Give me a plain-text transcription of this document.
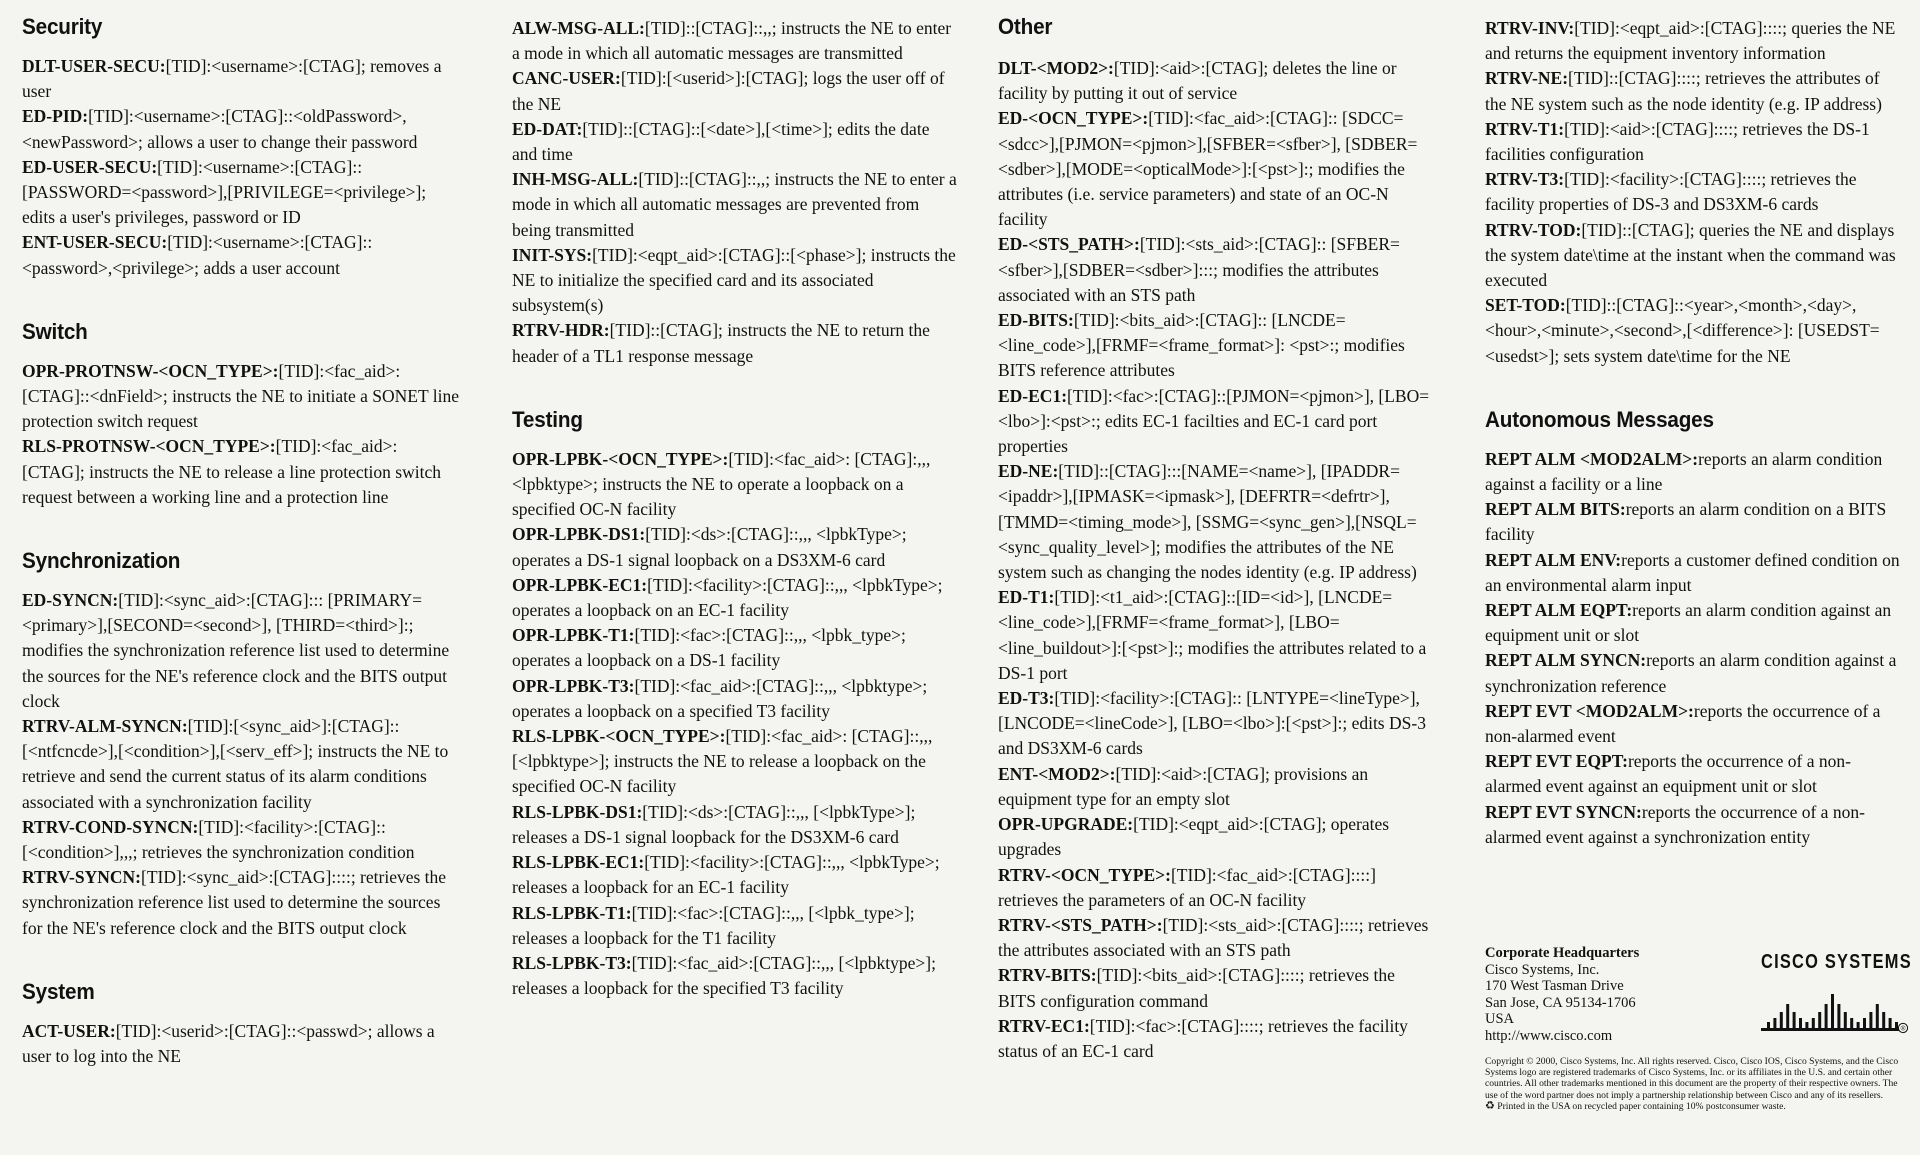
Security
DLT-USER-SECU:[TID]:<username>:[CTAG]; removes a user
ED-PID:[TID]:<username>:[CTAG]::<oldPassword>, <newPassword>; allows a user to change their password
ED-USER-SECU:[TID]:<username>:[CTAG]:: [PASSWORD=<password>],[PRIVILEGE=<privilege>]; edits a user's privileges, password or ID
ENT-USER-SECU:[TID]:<username>:[CTAG]:: <password>,<privilege>; adds a user account
Switch
OPR-PROTNSW-<OCN_TYPE>:[TID]:<fac_aid>: [CTAG]::<dnField>; instructs the NE to initiate a SONET line protection switch request
RLS-PROTNSW-<OCN_TYPE>:[TID]:<fac_aid>: [CTAG]; instructs the NE to release a line protection switch request between a working line and a protection line
Synchronization
ED-SYNCN:[TID]:<sync_aid>:[CTAG]::: [PRIMARY=<primary>],[SECOND=<second>], [THIRD=<third>]:; modifies the synchronization reference list used to determine the sources for the NE's reference clock and the BITS output clock
RTRV-ALM-SYNCN:[TID]:[<sync_aid>]:[CTAG]:: [<ntfcncde>],[<condition>],[<serv_eff>]; instructs the NE to retrieve and send the current status of its alarm conditions associated with a synchronization facility
RTRV-COND-SYNCN:[TID]:<facility>:[CTAG]:: [<condition>],,,; retrieves the synchronization condition
RTRV-SYNCN:[TID]:<sync_aid>:[CTAG]::::; retrieves the synchronization reference list used to determine the sources for the NE's reference clock and the BITS output clock
System
ACT-USER:[TID]:<userid>:[CTAG]::<passwd>; allows a user to log into the NE
ALW-MSG-ALL:[TID]::[CTAG]::,,; instructs the NE to enter a mode in which all automatic messages are transmitted
CANC-USER:[TID]:[<userid>]:[CTAG]; logs the user off of the NE
ED-DAT:[TID]::[CTAG]::[<date>],[<time>]; edits the date and time
INH-MSG-ALL:[TID]::[CTAG]::,,; instructs the NE to enter a mode in which all automatic messages are prevented from being transmitted
INIT-SYS:[TID]:<eqpt_aid>:[CTAG]::[<phase>]; instructs the NE to initialize the specified card and its associated subsystem(s)
RTRV-HDR:[TID]::[CTAG]; instructs the NE to return the header of a TL1 response message
Testing
OPR-LPBK-<OCN_TYPE>:[TID]:<fac_aid>: [CTAG]:,,,<lpbktype>; instructs the NE to operate a loopback on a specified OC-N facility
OPR-LPBK-DS1:[TID]:<ds>:[CTAG]::,,, <lpbkType>; operates a DS-1 signal loopback on a DS3XM-6 card
OPR-LPBK-EC1:[TID]:<facility>:[CTAG]::,,, <lpbkType>; operates a loopback on an EC-1 facility
OPR-LPBK-T1:[TID]:<fac>:[CTAG]::,,, <lpbk_type>; operates a loopback on a DS-1 facility
OPR-LPBK-T3:[TID]:<fac_aid>:[CTAG]::,,, <lpbktype>; operates a loopback on a specified T3 facility
RLS-LPBK-<OCN_TYPE>:[TID]:<fac_aid>: [CTAG]::,,,[<lpbktype>]; instructs the NE to release a loopback on the specified OC-N facility
RLS-LPBK-DS1:[TID]:<ds>:[CTAG]::,,, [<lpbkType>]; releases a DS-1 signal loopback for the DS3XM-6 card
RLS-LPBK-EC1:[TID]:<facility>:[CTAG]::,,, <lpbkType>; releases a loopback for an EC-1 facility
RLS-LPBK-T1:[TID]:<fac>:[CTAG]::,,, [<lpbk_type>]; releases a loopback for the T1 facility
RLS-LPBK-T3:[TID]:<fac_aid>:[CTAG]::,,, [<lpbktype>]; releases a loopback for the specified T3 facility
Other
DLT-<MOD2>:[TID]:<aid>:[CTAG]; deletes the line or facility by putting it out of service
ED-<OCN_TYPE>:[TID]:<fac_aid>:[CTAG]:: [SDCC=<sdcc>],[PJMON=<pjmon>],[SFBER=<sfber>], [SDBER=<sdber>],[MODE=<opticalMode>]:[<pst>]:; modifies the attributes (i.e. service parameters) and state of an OC-N facility
ED-<STS_PATH>:[TID]:<sts_aid>:[CTAG]:: [SFBER=<sfber>],[SDBER=<sdber>]:::; modifies the attributes associated with an STS path
ED-BITS:[TID]:<bits_aid>:[CTAG]:: [LNCDE=<line_code>],[FRMF=<frame_format>]: <pst>:; modifies BITS reference attributes
ED-EC1:[TID]:<fac>:[CTAG]::[PJMON=<pjmon>], [LBO=<lbo>]:<pst>:; edits EC-1 facilties and EC-1 card port properties
ED-NE:[TID]::[CTAG]:::[NAME=<name>], [IPADDR=<ipaddr>],[IPMASK=<ipmask>], [DEFRTR=<defrtr>],[TMMD=<timing_mode>], [SSMG=<sync_gen>],[NSQL=<sync_quality_level>]; modifies the attributes of the NE system such as changing the nodes identity (e.g. IP address)
ED-T1:[TID]:<t1_aid>:[CTAG]::[ID=<id>], [LNCDE=<line_code>],[FRMF=<frame_format>], [LBO=<line_buildout>]:[<pst>]:; modifies the attributes related to a DS-1 port
ED-T3:[TID]:<facility>:[CTAG]:: [LNTYPE=<lineType>],[LNCODE=<lineCode>], [LBO=<lbo>]:[<pst>]:; edits DS-3 and DS3XM-6 cards
ENT-<MOD2>:[TID]:<aid>:[CTAG]; provisions an equipment type for an empty slot
OPR-UPGRADE:[TID]:<eqpt_aid>:[CTAG]; operates upgrades
RTRV-<OCN_TYPE>:[TID]:<fac_aid>:[CTAG]::::] retrieves the parameters of an OC-N facility
RTRV-<STS_PATH>:[TID]:<sts_aid>:[CTAG]::::; retrieves the attributes associated with an STS path
RTRV-BITS:[TID]:<bits_aid>:[CTAG]::::; retrieves the BITS configuration command
RTRV-EC1:[TID]:<fac>:[CTAG]::::; retrieves the facility status of an EC-1 card
RTRV-INV:[TID]:<eqpt_aid>:[CTAG]::::; queries the NE and returns the equipment inventory information
RTRV-NE:[TID]::[CTAG]::::; retrieves the attributes of the NE system such as the node identity (e.g. IP address)
RTRV-T1:[TID]:<aid>:[CTAG]::::; retrieves the DS-1 facilities configuration
RTRV-T3:[TID]:<facility>:[CTAG]::::; retrieves the facility properties of DS-3 and DS3XM-6 cards
RTRV-TOD:[TID]::[CTAG]; queries the NE and displays the system date\time at the instant when the command was executed
SET-TOD:[TID]::[CTAG]::<year>,<month>,<day>, <hour>,<minute>,<second>,[<difference>]: [USEDST=<usedst>]; sets system date\time for the NE
Autonomous Messages
REPT ALM <MOD2ALM>:reports an alarm condition against a facility or a line
REPT ALM BITS:reports an alarm condition on a BITS facility
REPT ALM ENV:reports a customer defined condition on an environmental alarm input
REPT ALM EQPT:reports an alarm condition against an equipment unit or slot
REPT ALM SYNCN:reports an alarm condition against a synchronization reference
REPT EVT <MOD2ALM>:reports the occurrence of a non-alarmed event
REPT EVT EQPT:reports the occurrence of a non-alarmed event against an equipment unit or slot
REPT EVT SYNCN:reports the occurrence of a non-alarmed event against a synchronization entity
Corporate Headquarters
Cisco Systems, Inc.
170 West Tasman Drive
San Jose, CA 95134-1706
USA
http://www.cisco.com
CISCO SYSTEMS
®
Copyright © 2000, Cisco Systems, Inc. All rights reserved. Cisco, Cisco IOS, Cisco Systems, and the Cisco Systems logo are registered trademarks of Cisco Systems, Inc. or its affiliates in the U.S. and certain other countries. All other trademarks mentioned in this document are the property of their respective owners. The use of the word partner does not imply a partnership relationship between Cisco and any of its resellers.
♻ Printed in the USA on recycled paper containing 10% postconsumer waste.
